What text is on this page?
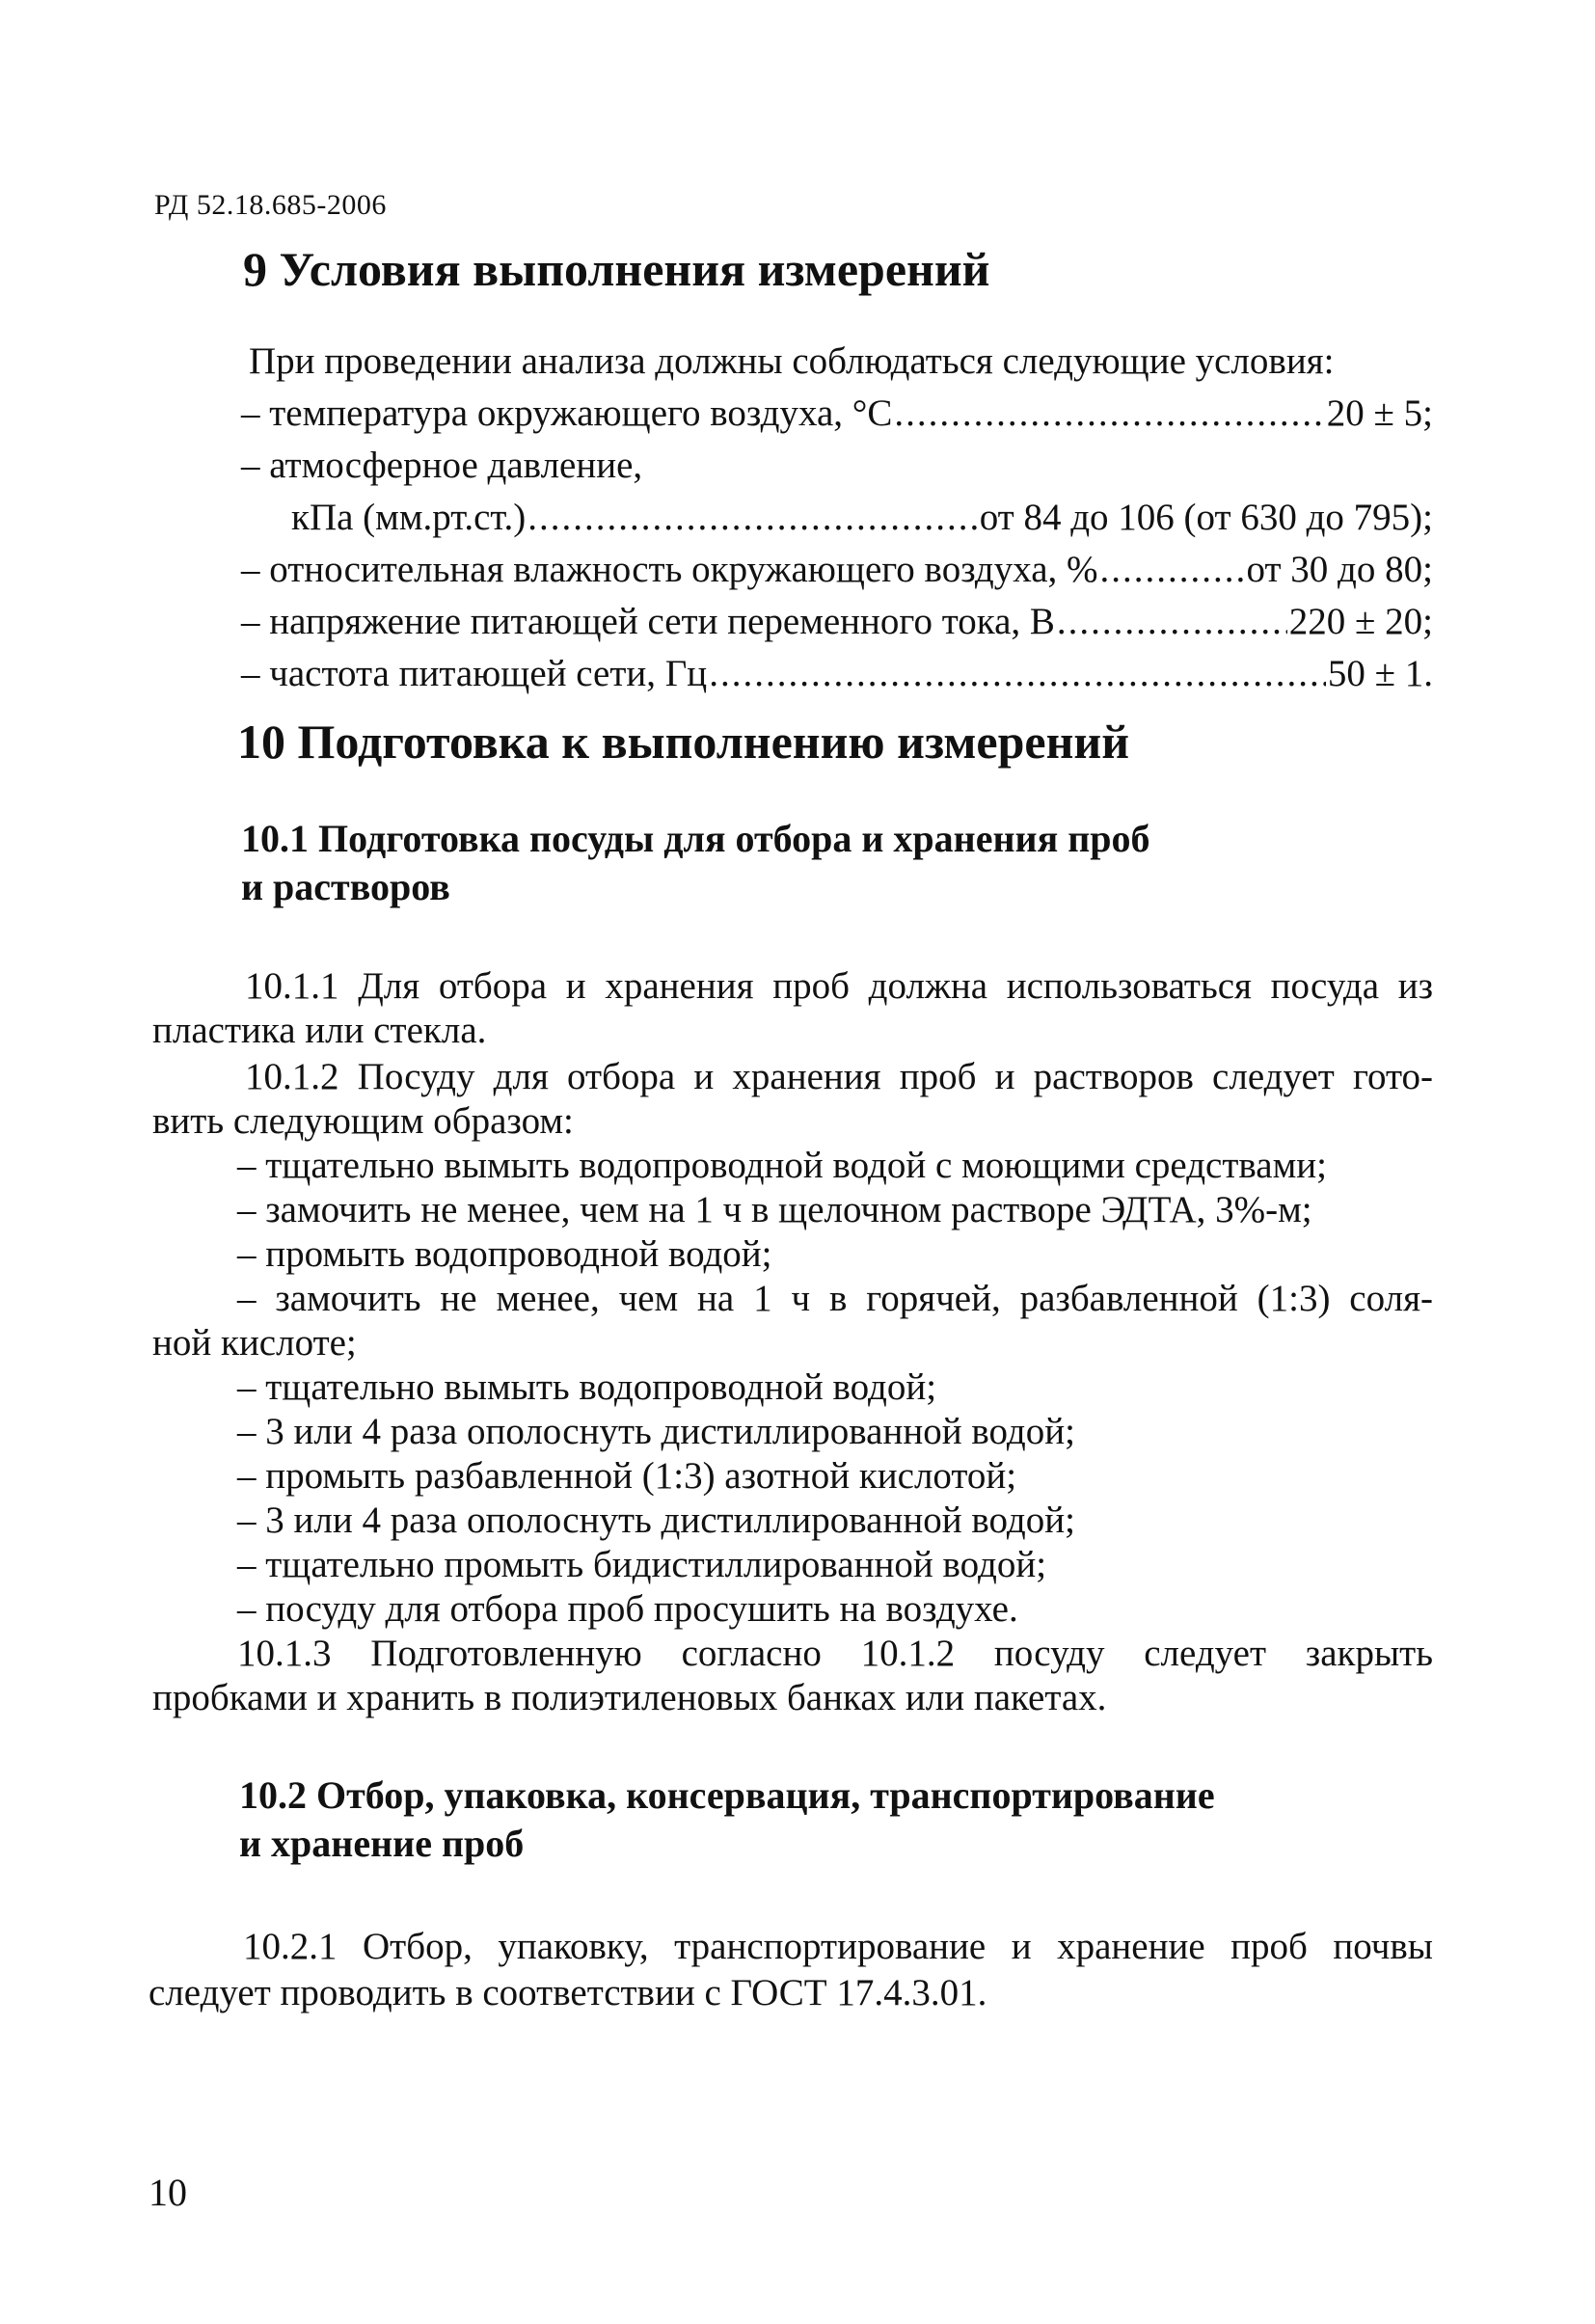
РД 52.18.685-2006
9 Условия выполнения измерений
При проведении анализа должны соблюдаться следующие условия:
– температура окружающего воздуха, °С .....	20 ± 5;
– атмосферное давление,
кПа (мм.рт.ст.) .....	от 84 до 106 (от 630 до 795);
– относительная влажность окружающего воздуха, % .....	от 30 до 80;
– напряжение питающей сети переменного тока, В .....	220 ± 20;
– частота питающей сети, Гц .....	50 ± 1.
10 Подготовка к выполнению измерений
10.1 Подготовка посуды для отбора и хранения проб
и растворов
10.1.1 Для отбора и хранения проб должна использоваться посуда из
пластика или стекла.
10.1.2 Посуду для отбора и хранения проб и растворов следует гото-
вить следующим образом:
– тщательно вымыть водопроводной водой с моющими средствами;
– замочить не менее, чем на 1 ч в щелочном растворе ЭДТА, 3%-м;
– промыть водопроводной водой;
– замочить не менее, чем на 1 ч в горячей, разбавленной (1:3) соля-
ной кислоте;
– тщательно вымыть водопроводной водой;
– 3 или 4 раза ополоснуть дистиллированной водой;
– промыть разбавленной (1:3) азотной кислотой;
– 3 или 4 раза ополоснуть дистиллированной водой;
– тщательно промыть бидистиллированной водой;
– посуду для отбора проб просушить на воздухе.
10.1.3 Подготовленную согласно 10.1.2 посуду следует закрыть
пробками и хранить в полиэтиленовых банках или пакетах.
10.2 Отбор, упаковка, консервация, транспортирование
и хранение проб
10.2.1 Отбор, упаковку, транспортирование и хранение проб почвы
следует проводить в соответствии с ГОСТ 17.4.3.01.
10
